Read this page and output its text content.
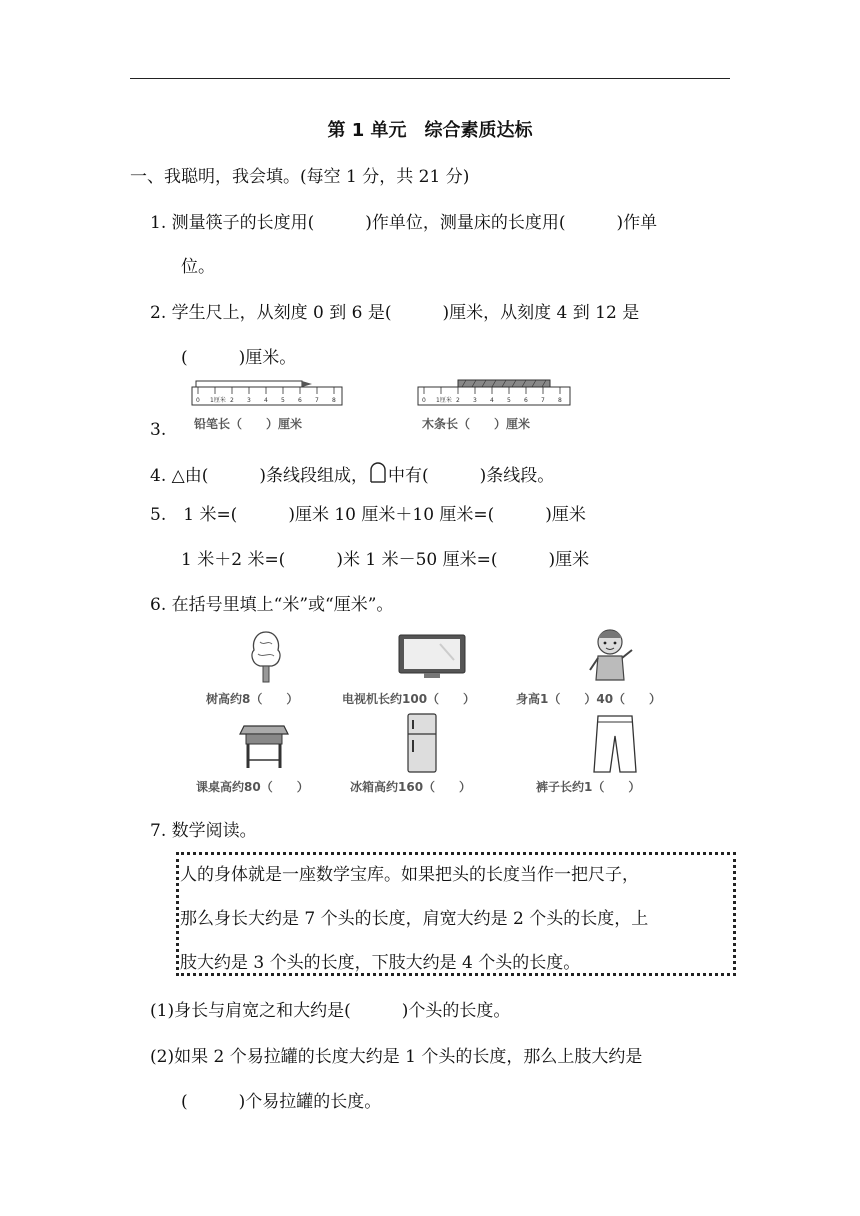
第 1 单元　综合素质达标
一、我聪明，我会填。(每空 1 分，共 21 分)
1. 测量筷子的长度用(　　　)作单位，测量床的长度用(　　　)作单
位。
2. 学生尺上，从刻度 0 到 6 是(　　　)厘米，从刻度 4 到 12 是
(　　　)厘米。
3.
0 1厘米 2 3 4 5 6 7 8
铅笔长（　　）厘米
0 1厘米 2 3 4 5 6 7 8
木条长（　　）厘米
4. △由(　　　)条线段组成， 中有(　　　)条线段。
5.　1 米=(　　　)厘米 10 厘米＋10 厘米=(　　　)厘米
1 米＋2 米=(　　　)米 1 米－50 厘米=(　　　)厘米
6. 在括号里填上“米”或“厘米”。
树高约8（　　）	电视机长约100（　　）	身高1（　　）40（　　）
课桌高约80（　　）	冰箱高约160（　　）	裤子长约1（　　）
7. 数学阅读。
人的身体就是一座数学宝库。如果把头的长度当作一把尺子，
那么身长大约是 7 个头的长度，肩宽大约是 2 个头的长度，上
肢大约是 3 个头的长度，下肢大约是 4 个头的长度。
(1)身长与肩宽之和大约是(　　　)个头的长度。
(2)如果 2 个易拉罐的长度大约是 1 个头的长度，那么上肢大约是
(　　　)个易拉罐的长度。
